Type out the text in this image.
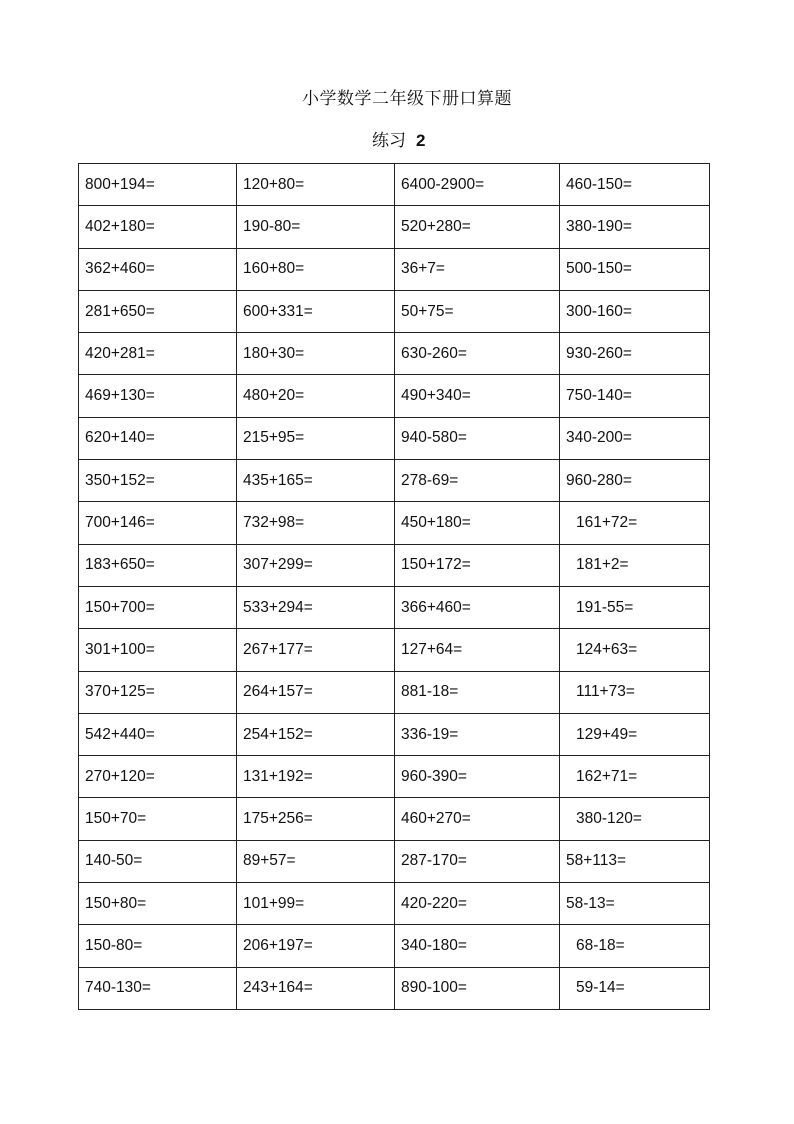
小学数学二年级下册口算题
练习 2
800+194=	120+80=	6400-2900=	460-150=
402+180=	190-80=	520+280=	380-190=
362+460=	160+80=	36+7=	500-150=
281+650=	600+331=	50+75=	300-160=
420+281=	180+30=	630-260=	930-260=
469+130=	480+20=	490+340=	750-140=
620+140=	215+95=	940-580=	340-200=
350+152=	435+165=	278-69=	960-280=
700+146=	732+98=	450+180=	161+72=
183+650=	307+299=	150+172=	181+2=
150+700=	533+294=	366+460=	191-55=
301+100=	267+177=	127+64=	124+63=
370+125=	264+157=	881-18=	111+73=
542+440=	254+152=	336-19=	129+49=
270+120=	131+192=	960-390=	162+71=
150+70=	175+256=	460+270=	380-120=
140-50=	89+57=	287-170=	58+113=
150+80=	101+99=	420-220=	58-13=
150-80=	206+197=	340-180=	68-18=
740-130=	243+164=	890-100=	59-14=
